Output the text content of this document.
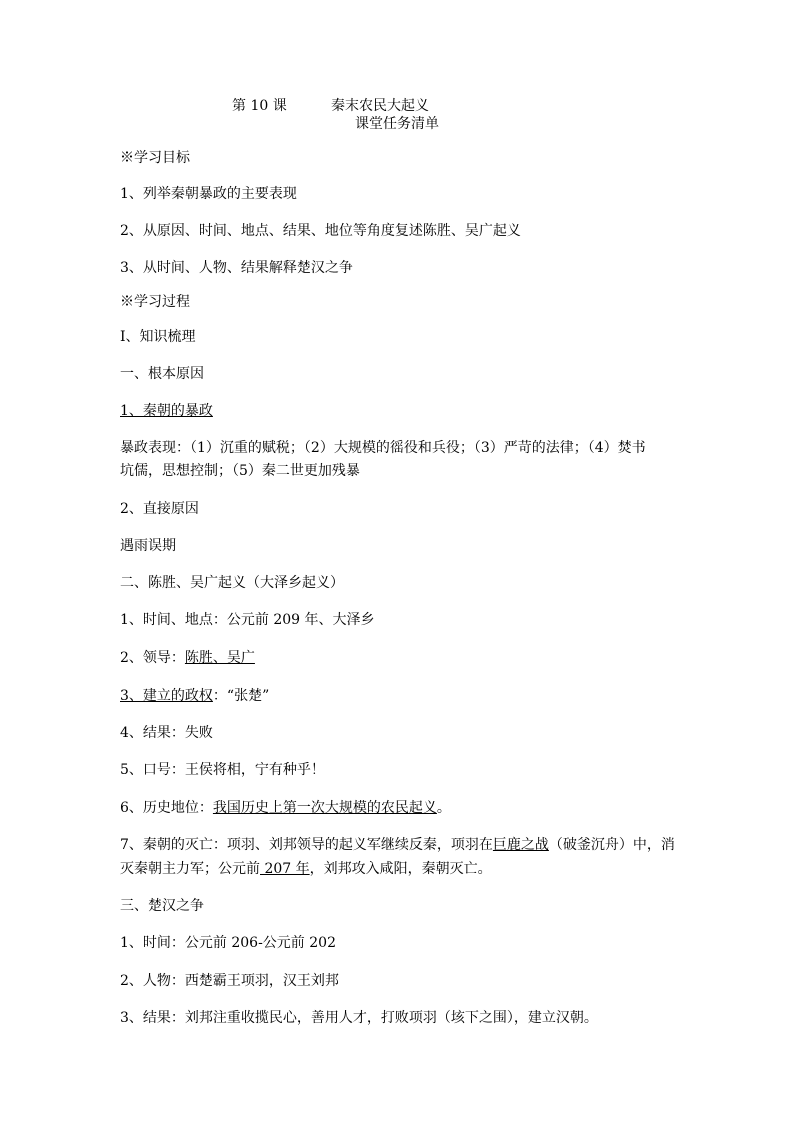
第 10 课	秦末农民大起义
课堂任务清单
※学习目标
1、列举秦朝暴政的主要表现
2、从原因、时间、地点、结果、地位等角度复述陈胜、吴广起义
3、从时间、人物、结果解释楚汉之争
※学习过程
Ⅰ、知识梳理
一、根本原因
1、秦朝的暴政
暴政表现：（1）沉重的赋税；（2）大规模的徭役和兵役；（3）严苛的法律；（4）焚书
坑儒，思想控制；（5）秦二世更加残暴
2、直接原因
遇雨误期
二、陈胜、吴广起义（大泽乡起义）
1、时间、地点：公元前 209 年、大泽乡
2、领导：陈胜、吴广
3、建立的政权：“张楚”
4、结果：失败
5、口号：王侯将相，宁有种乎！
6、历史地位：我国历史上第一次大规模的农民起义。
7、秦朝的灭亡：项羽、刘邦领导的起义军继续反秦，项羽在巨鹿之战（破釜沉舟）中，消
灭秦朝主力军；公元前 207 年，刘邦攻入咸阳，秦朝灭亡。
三、楚汉之争
1、时间：公元前 206-公元前 202
2、人物：西楚霸王项羽，汉王刘邦
3、结果：刘邦注重收揽民心，善用人才，打败项羽（垓下之围），建立汉朝。
